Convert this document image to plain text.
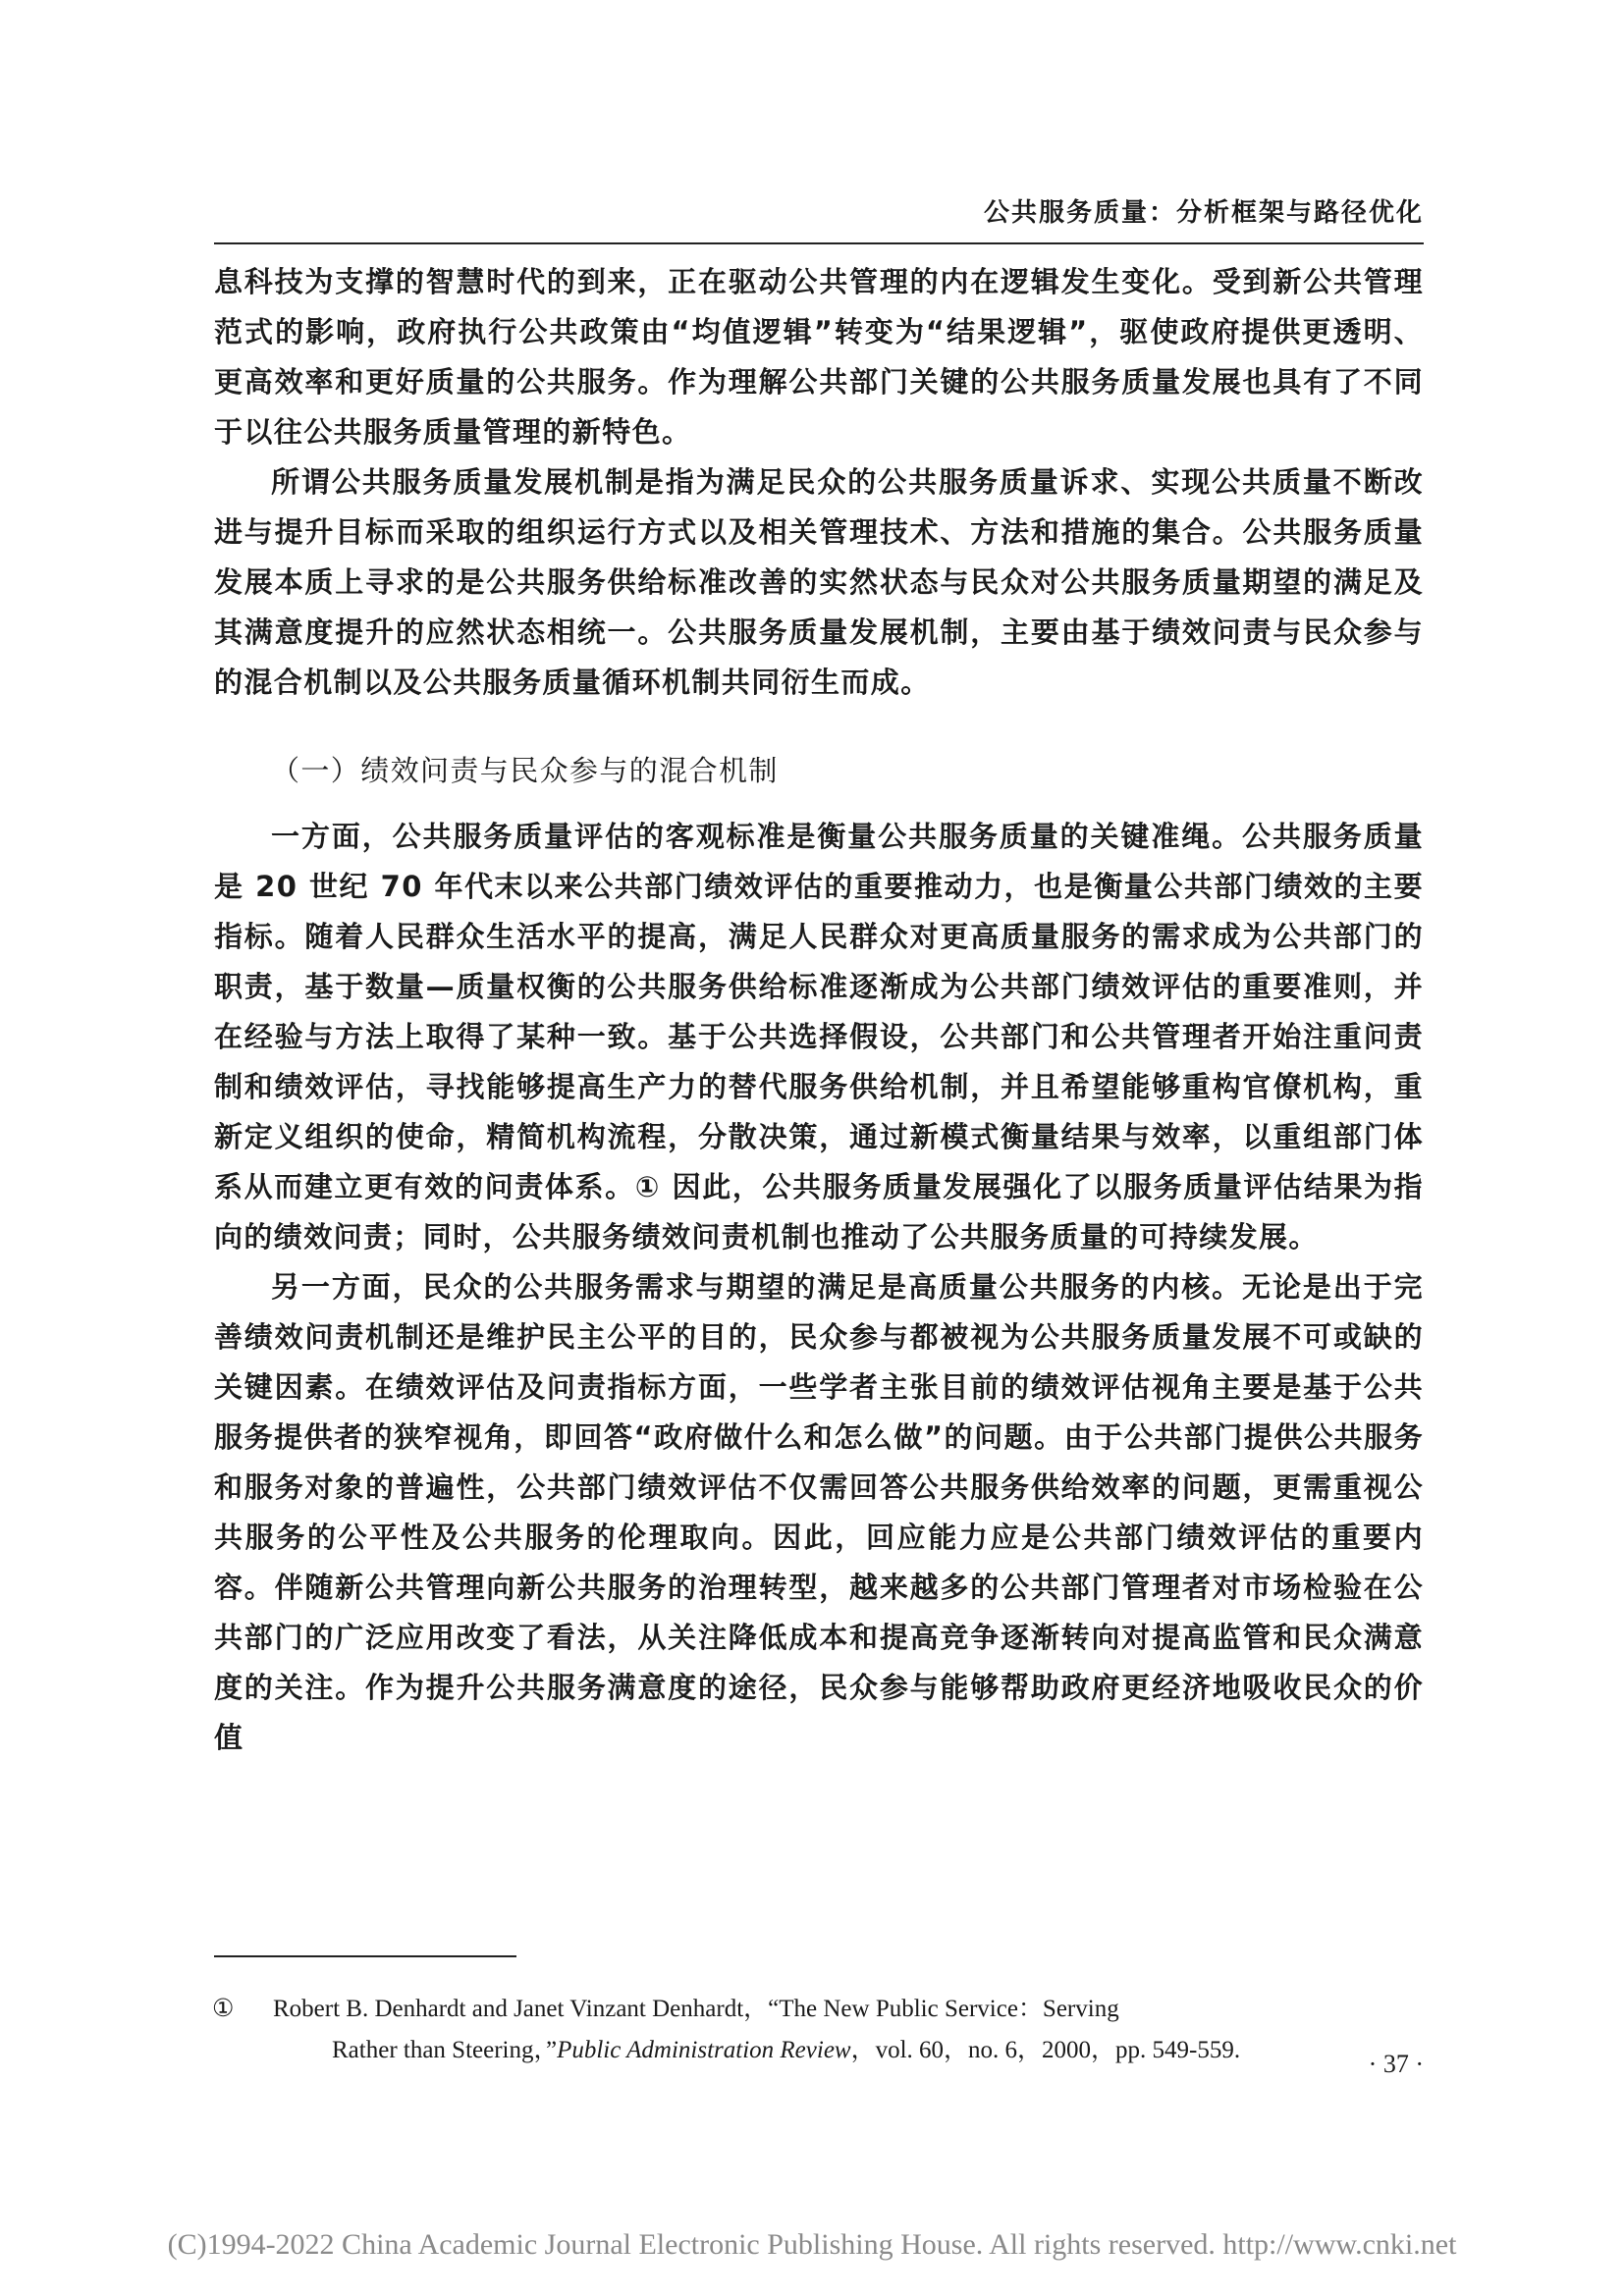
公共服务质量：分析框架与路径优化

息科技为支撑的智慧时代的到来，正在驱动公共管理的内在逻辑发生变化。受到新公共管理范式的影响，政府执行公共政策由“均值逻辑”转变为“结果逻辑”，驱使政府提供更透明、更高效率和更好质量的公共服务。作为理解公共部门关键的公共服务质量发展也具有了不同于以往公共服务质量管理的新特色。

所谓公共服务质量发展机制是指为满足民众的公共服务质量诉求、实现公共质量不断改进与提升目标而采取的组织运行方式以及相关管理技术、方法和措施的集合。公共服务质量发展本质上寻求的是公共服务供给标准改善的实然状态与民众对公共服务质量期望的满足及其满意度提升的应然状态相统一。公共服务质量发展机制，主要由基于绩效问责与民众参与的混合机制以及公共服务质量循环机制共同衍生而成。

（一）绩效问责与民众参与的混合机制

一方面，公共服务质量评估的客观标准是衡量公共服务质量的关键准绳。公共服务质量是 20 世纪 70 年代末以来公共部门绩效评估的重要推动力，也是衡量公共部门绩效的主要指标。随着人民群众生活水平的提高，满足人民群众对更高质量服务的需求成为公共部门的职责，基于数量—质量权衡的公共服务供给标准逐渐成为公共部门绩效评估的重要准则，并在经验与方法上取得了某种一致。基于公共选择假设，公共部门和公共管理者开始注重问责制和绩效评估，寻找能够提高生产力的替代服务供给机制，并且希望能够重构官僚机构，重新定义组织的使命，精简机构流程，分散决策，通过新模式衡量结果与效率，以重组部门体系从而建立更有效的问责体系。① 因此，公共服务质量发展强化了以服务质量评估结果为指向的绩效问责；同时，公共服务绩效问责机制也推动了公共服务质量的可持续发展。

另一方面，民众的公共服务需求与期望的满足是高质量公共服务的内核。无论是出于完善绩效问责机制还是维护民主公平的目的，民众参与都被视为公共服务质量发展不可或缺的关键因素。在绩效评估及问责指标方面，一些学者主张目前的绩效评估视角主要是基于公共服务提供者的狭窄视角，即回答“政府做什么和怎么做”的问题。由于公共部门提供公共服务和服务对象的普遍性，公共部门绩效评估不仅需回答公共服务供给效率的问题，更需重视公共服务的公平性及公共服务的伦理取向。因此，回应能力应是公共部门绩效评估的重要内容。伴随新公共管理向新公共服务的治理转型，越来越多的公共部门管理者对市场检验在公共部门的广泛应用改变了看法，从关注降低成本和提高竞争逐渐转向对提高监管和民众满意度的关注。作为提升公共服务满意度的途径，民众参与能够帮助政府更经济地吸收民众的价值

① Robert B. Denhardt and Janet Vinzant Denhardt，“The New Public Service：Serving
Rather than Steering，”Public Administration Review，vol. 60，no. 6，2000，pp. 549-559.	· 37 ·
(C)1994-2022 China Academic Journal Electronic Publishing House. All rights reserved. http://www.cnki.net
